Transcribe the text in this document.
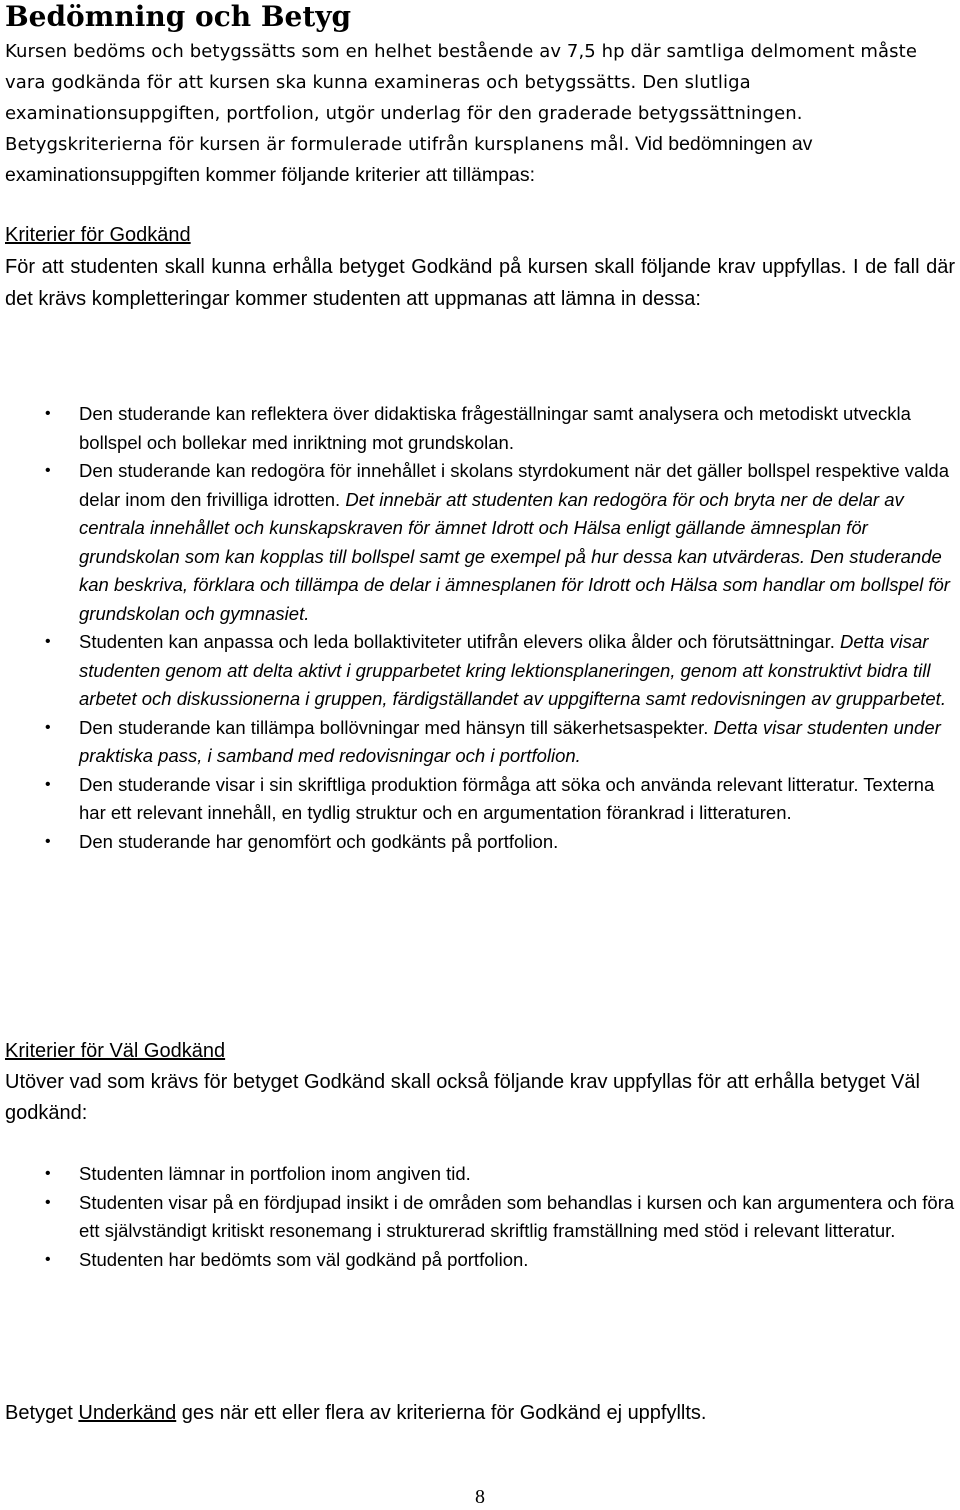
Bedömning och Betyg

Kursen bedöms och betygssätts som en helhet bestående av 7,5 hp där samtliga delmoment måste vara godkända för att kursen ska kunna examineras och betygssätts. Den slutliga examinationsuppgiften, portfolion, utgör underlag för den graderade betygssättningen. Betygskriterierna för kursen är formulerade utifrån kursplanens mål. Vid bedömningen av examinationsuppgiften kommer följande kriterier att tillämpas:

Kriterier för Godkänd

För att studenten skall kunna erhålla betyget Godkänd på kursen skall följande krav uppfyllas. I de fall där det krävs kompletteringar kommer studenten att uppmanas att lämna in dessa:

• Den studerande kan reflektera över didaktiska frågeställningar samt analysera och metodiskt utveckla bollspel och bollekar med inriktning mot grundskolan.
• Den studerande kan redogöra för innehållet i skolans styrdokument när det gäller bollspel respektive valda delar inom den frivilliga idrotten. Det innebär att studenten kan redogöra för och bryta ner de delar av centrala innehållet och kunskapskraven för ämnet Idrott och Hälsa enligt gällande ämnesplan för grundskolan som kan kopplas till bollspel samt ge exempel på hur dessa kan utvärderas. Den studerande kan beskriva, förklara och tillämpa de delar i ämnesplanen för Idrott och Hälsa som handlar om bollspel för grundskolan och gymnasiet.
• Studenten kan anpassa och leda bollaktiviteter utifrån elevers olika ålder och förutsättningar. Detta visar studenten genom att delta aktivt i grupparbetet kring lektionsplaneringen, genom att konstruktivt bidra till arbetet och diskussionerna i gruppen, färdigställandet av uppgifterna samt redovisningen av grupparbetet.
• Den studerande kan tillämpa bollövningar med hänsyn till säkerhetsaspekter. Detta visar studenten under praktiska pass, i samband med redovisningar och i portfolion.
• Den studerande visar i sin skriftliga produktion förmåga att söka och använda relevant litteratur. Texterna har ett relevant innehåll, en tydlig struktur och en argumentation förankrad i litteraturen.
• Den studerande har genomfört och godkänts på portfolion.

Kriterier för Väl Godkänd

Utöver vad som krävs för betyget Godkänd skall också följande krav uppfyllas för att erhålla betyget Väl godkänd:

• Studenten lämnar in portfolion inom angiven tid.
• Studenten visar på en fördjupad insikt i de områden som behandlas i kursen och kan argumentera och föra ett självständigt kritiskt resonemang i strukturerad skriftlig framställning med stöd i relevant litteratur.
• Studenten har bedömts som väl godkänd på portfolion.

Betyget Underkänd ges när ett eller flera av kriterierna för Godkänd ej uppfyllts.

8
